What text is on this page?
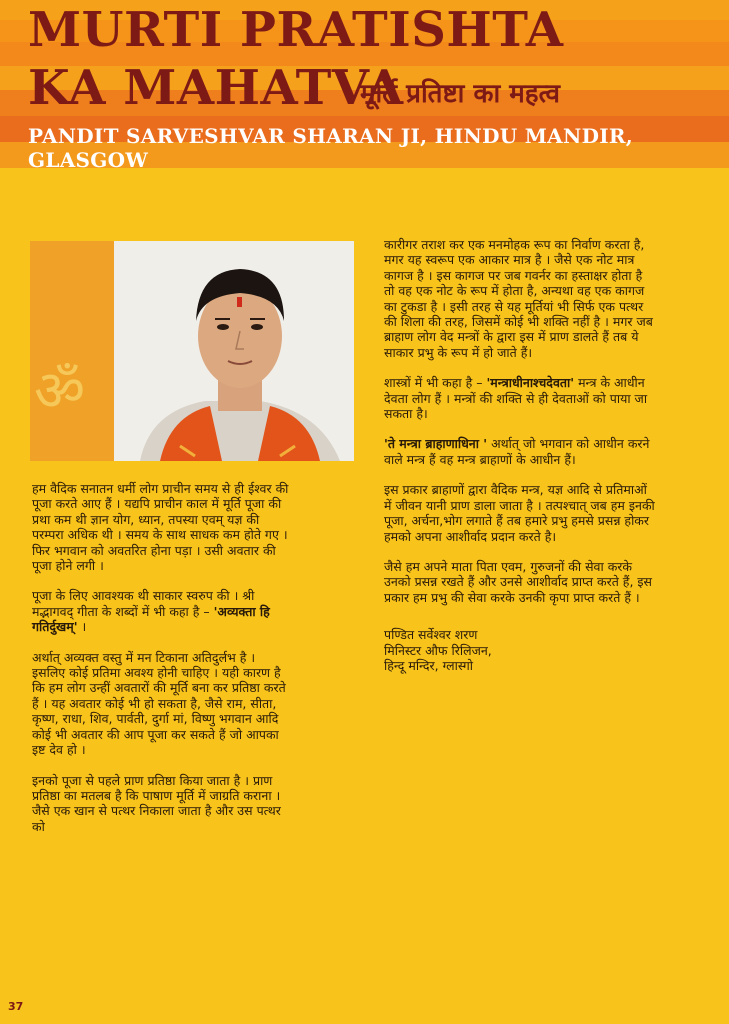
MURTI PRATISHTA
KA MAHATVA
मूर्ति प्रतिष्टा का महत्व
PANDIT SARVESHVAR SHARAN JI, HINDU MANDIR, GLASGOW
ॐ

हम वैदिक सनातन धर्मी लोग प्राचीन समय से ही ईश्वर की पूजा करते आए हैं । यद्यपि प्राचीन काल में मूर्ति पूजा की प्रथा कम थी ज्ञान योग, ध्यान, तपस्या एवम् यज्ञ की परम्परा अधिक थी । समय के साथ साधक कम होते गए । फिर भगवान को अवतरित होना पड़ा । उसी अवतार की पूजा होने लगी ।

पूजा के लिए आवश्यक थी साकार स्वरुप की । श्री मद्भागवद् गीता के शब्दों में भी कहा है – 'अव्यक्ता हि गतिर्दुखम्' ।

अर्थात् अव्यक्त वस्तु में मन टिकाना अतिदुर्लभ है । इसलिए कोई प्रतिमा अवश्य होनी चाहिए । यही कारण है कि हम लोग उन्हीं अवतारों की मूर्ति बना कर प्रतिष्ठा करते हैं । यह अवतार कोई भी हो सकता है, जैसे राम, सीता, कृष्ण, राधा, शिव, पार्वती, दुर्गा मां, विष्णु भगवान आदि कोई भी अवतार की आप पूजा कर सकते हैं जो आपका इष्ट देव हो ।

इनको पूजा से पहले प्राण प्रतिष्ठा किया जाता है । प्राण प्रतिष्ठा का मतलब है कि पाषाण मूर्ति में जाग्रति कराना । जैसे एक खान से पत्थर निकाला जाता है और उस पत्थर को

कारीगर तराश कर एक मनमोहक रूप का निर्वाण करता है, मगर यह स्वरूप एक आकार मात्र है । जैसे एक नोट मात्र कागज है । इस कागज पर जब गवर्नर का हस्ताक्षर होता है तो वह एक नोट के रूप में होता है, अन्यथा वह एक कागज का टुकडा है । इसी तरह से यह मूर्तियां भी सिर्फ एक पत्थर की शिला की तरह, जिसमें कोई भी शक्ति नहीं है । मगर जब ब्राहाण लोग वेद मन्त्रों के द्वारा इस में प्राण डालते हैं तब ये साकार प्रभु के रूप में हो जाते हैं।

शास्त्रों में भी कहा है – 'मन्त्राधीनाश्चदेवता' मन्त्र के आधीन देवता लोग हैं । मन्त्रों की शक्ति से ही देवताओं को पाया जा सकता है।

'ते मन्त्रा ब्राहाणाधिना ' अर्थात् जो भगवान को आधीन करने वाले मन्त्र हैं वह मन्त्र ब्राहाणों के आधीन हैं।

इस प्रकार ब्राहाणों द्वारा वैदिक मन्त्र, यज्ञ आदि से प्रतिमाओं में जीवन यानी प्राण डाला जाता है । तत्पश्चात् जब हम इनकी पूजा, अर्चना,भोग लगाते हैं तब हमारे प्रभु हमसे प्रसन्न होकर हमको अपना आशीर्वाद प्रदान करते है।

जैसे हम अपने माता पिता एवम, गुरुजनों की सेवा करके उनको प्रसन्न रखते हैं और उनसे आशीर्वाद प्राप्त करते हैं, इस प्रकार हम प्रभु की सेवा करके उनकी कृपा प्राप्त करते हैं ।

पण्डित सर्वेश्वर शरण
मिनिस्टर औफ रिलिजन,
हिन्दू मन्दिर, ग्लास्गो
37
